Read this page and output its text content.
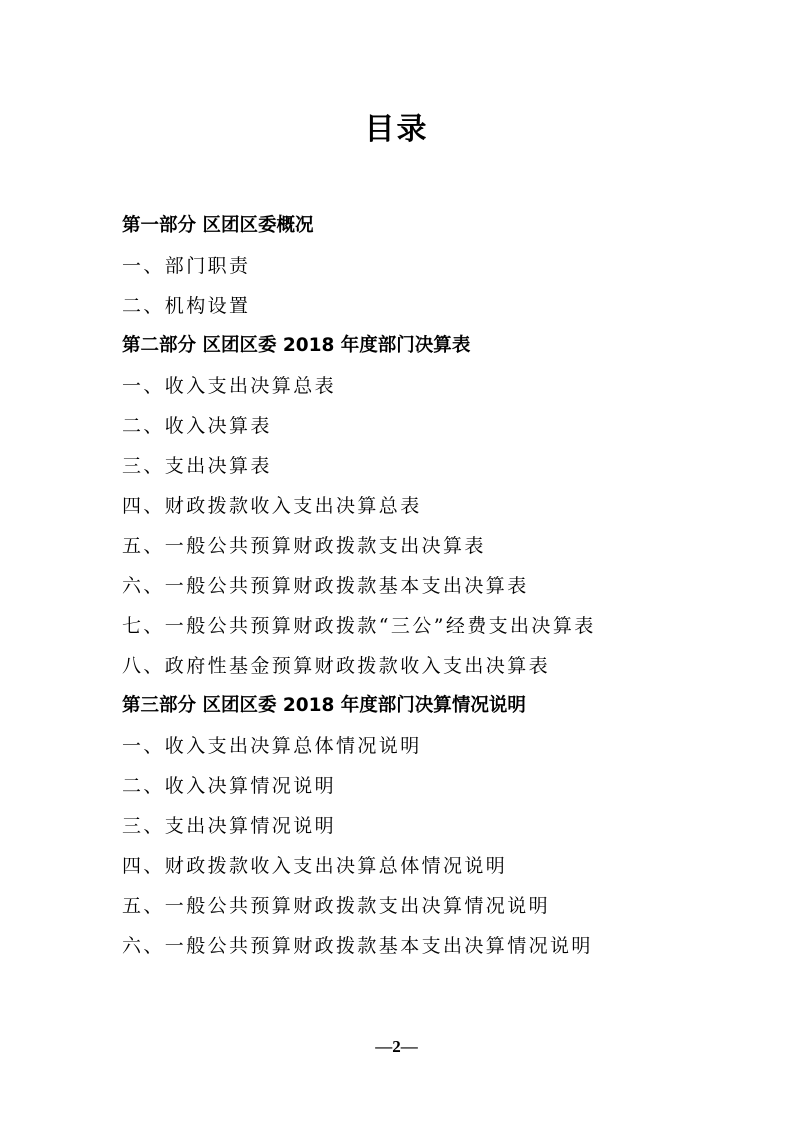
目录
第一部分 区团区委概况
一、部门职责
二、机构设置
第二部分 区团区委 2018 年度部门决算表
一、收入支出决算总表
二、收入决算表
三、支出决算表
四、财政拨款收入支出决算总表
五、一般公共预算财政拨款支出决算表
六、一般公共预算财政拨款基本支出决算表
七、一般公共预算财政拨款“三公”经费支出决算表
八、政府性基金预算财政拨款收入支出决算表
第三部分 区团区委 2018 年度部门决算情况说明
一、收入支出决算总体情况说明
二、收入决算情况说明
三、支出决算情况说明
四、财政拨款收入支出决算总体情况说明
五、一般公共预算财政拨款支出决算情况说明
六、一般公共预算财政拨款基本支出决算情况说明
—2—
